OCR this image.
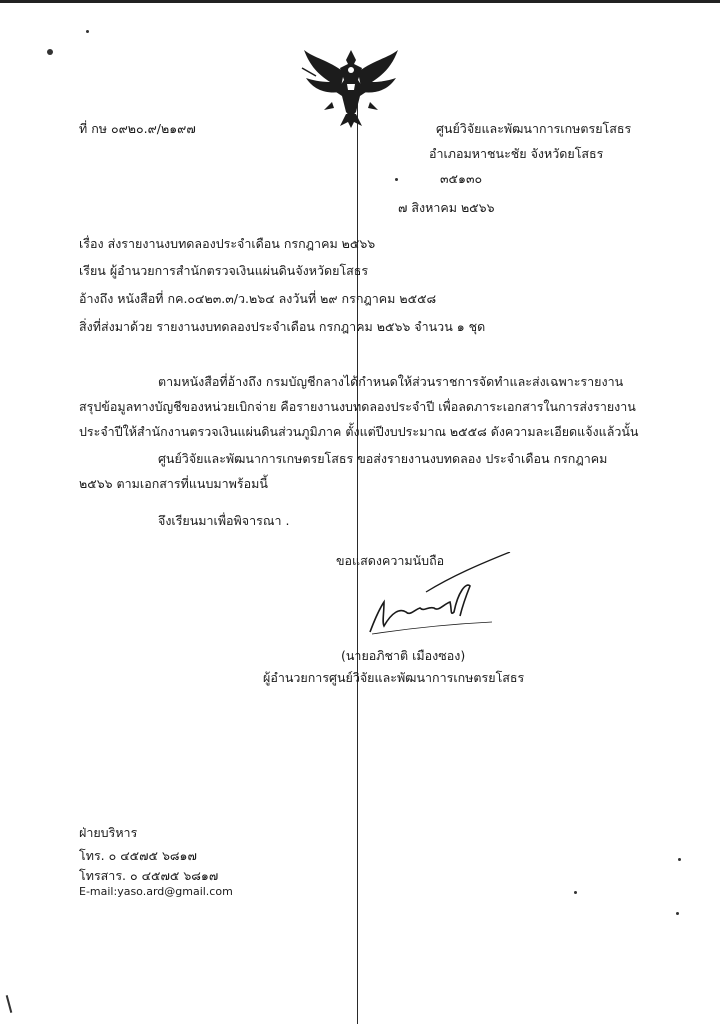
ที่ กษ ๐๙๒๐.๙/๒๑๙๗	ศูนย์วิจัยและพัฒนาการเกษตรยโสธร
อำเภอมหาชนะชัย จังหวัดยโสธร
๓๕๑๓๐
๗ สิงหาคม ๒๕๖๖
เรื่อง ส่งรายงานงบทดลองประจำเดือน กรกฎาคม ๒๕๖๖
เรียน ผู้อำนวยการสำนักตรวจเงินแผ่นดินจังหวัดยโสธร
อ้างถึง หนังสือที่ กค.๐๔๒๓.๓/ว.๒๖๔ ลงวันที่ ๒๙ กรกฎาคม ๒๕๕๘
สิ่งที่ส่งมาด้วย รายงานงบทดลองประจำเดือน กรกฎาคม ๒๕๖๖ จำนวน ๑ ชุด
ตามหนังสือที่อ้างถึง กรมบัญชีกลางได้กำหนดให้ส่วนราชการจัดทำและส่งเฉพาะรายงาน
สรุปข้อมูลทางบัญชีของหน่วยเบิกจ่าย คือรายงานงบทดลองประจำปี เพื่อลดภาระเอกสารในการส่งรายงาน
ประจำปีให้สำนักงานตรวจเงินแผ่นดินส่วนภูมิภาค ตั้งแต่ปีงบประมาณ ๒๕๕๘ ดังความละเอียดแจ้งแล้วนั้น
ศูนย์วิจัยและพัฒนาการเกษตรยโสธร ขอส่งรายงานงบทดลอง ประจำเดือน กรกฎาคม
๒๕๖๖ ตามเอกสารที่แนบมาพร้อมนี้
จึงเรียนมาเพื่อพิจารณา .
ขอแสดงความนับถือ
(นายอภิชาติ เมืองซอง)
ผู้อำนวยการศูนย์วิจัยและพัฒนาการเกษตรยโสธร
ฝ่ายบริหาร
โทร. ๐ ๔๕๗๕ ๖๘๑๗
โทรสาร. ๐ ๔๕๗๕ ๖๘๑๗
E-mail:yaso.ard@gmail.com
